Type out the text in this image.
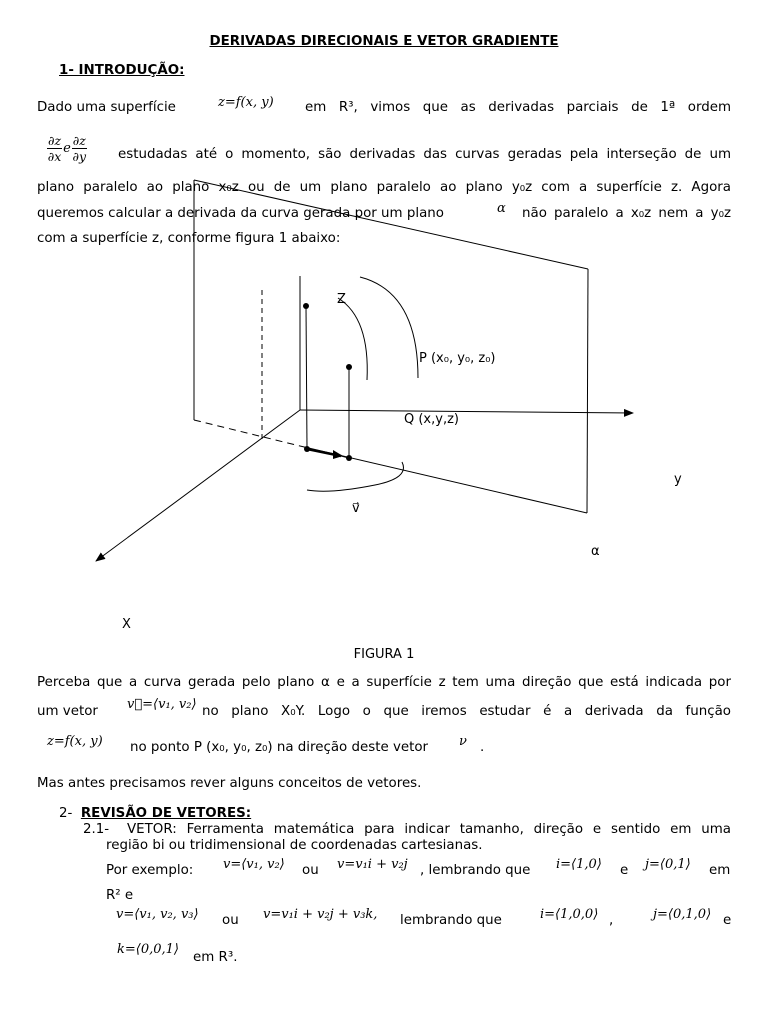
DERIVADAS DIRECIONAIS E VETOR GRADIENTE
1- INTRODUÇÃO:
Dado uma superfície	z=f(x, y) em R³, vimos que as derivadas parciais de 1ª ordem
$\frac{\partial z}{\partial x}$ e $\frac{\partial z}{\partial y}$ estudadas até o momento, são derivadas das curvas geradas pela interseção de um
plano paralelo ao plano x₀z ou de um plano paralelo ao plano y₀z com a superfície z. Agora
queremos calcular a derivada da curva gerada por um plano	α não paralelo a x₀z nem a y₀z
com a superfície z, conforme figura 1 abaixo:
Z
P (x₀, y₀, z₀)
Q (x,y,z)
y
v⃗
α
X
FIGURA 1
Perceba que a curva gerada pelo plano α e a superfície z tem uma direção que está indicada por
um vetor v⃗=⟨v₁, v₂⟩ no plano X₀Y. Logo o que iremos estudar é a derivada da função
z=f(x, y) no ponto P (x₀, y₀, z₀) na direção deste vetor ν .
Mas antes precisamos rever alguns conceitos de vetores.
2- REVISÃO DE VETORES:
2.1- VETOR: Ferramenta matemática para indicar tamanho, direção e sentido em uma
região bi ou tridimensional de coordenadas cartesianas.
Por exemplo: v=⟨v₁, v₂⟩ ou v=v₁i + v₂j , lembrando que i=⟨1,0⟩ e j=⟨0,1⟩ em
R² e
v=⟨v₁, v₂, v₃⟩ ou v=v₁i + v₂j + v₃k, lembrando que	i=⟨1,0,0⟩ ,	j=⟨0,1,0⟩ e
k=⟨0,0,1⟩
em R³.
